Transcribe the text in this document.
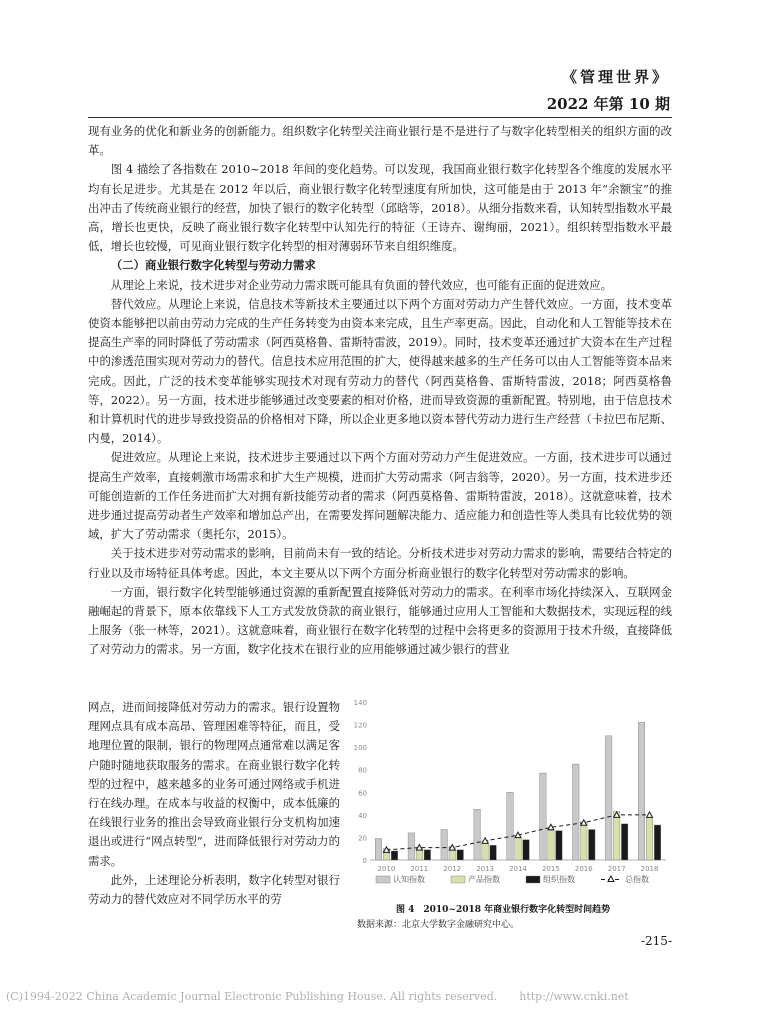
《管理世界》
2022 年第 10 期

现有业务的优化和新业务的创新能力。组织数字化转型关注商业银行是不是进行了与数字化转型相关的组织方面的改革。

图 4 描绘了各指数在 2010~2018 年间的变化趋势。可以发现，我国商业银行数字化转型各个维度的发展水平均有长足进步。尤其是在 2012 年以后，商业银行数字化转型速度有所加快，这可能是由于 2013 年“余额宝”的推出冲击了传统商业银行的经营，加快了银行的数字化转型（邱晗等，2018）。从细分指数来看，认知转型指数水平最高，增长也更快，反映了商业银行数字化转型中认知先行的特征（王诗卉、谢绚丽，2021）。组织转型指数水平最低，增长也较慢，可见商业银行数字化转型的相对薄弱环节来自组织维度。

（二）商业银行数字化转型与劳动力需求

从理论上来说，技术进步对企业劳动力需求既可能具有负面的替代效应，也可能有正面的促进效应。

替代效应。从理论上来说，信息技术等新技术主要通过以下两个方面对劳动力产生替代效应。一方面，技术变革使资本能够把以前由劳动力完成的生产任务转变为由资本来完成，且生产率更高。因此，自动化和人工智能等技术在提高生产率的同时降低了劳动需求（阿西莫格鲁、雷斯特雷波，2019）。同时，技术变革还通过扩大资本在生产过程中的渗透范围实现对劳动力的替代。信息技术应用范围的扩大，使得越来越多的生产任务可以由人工智能等资本品来完成。因此，广泛的技术变革能够实现技术对现有劳动力的替代（阿西莫格鲁、雷斯特雷波，2018；阿西莫格鲁等，2022）。另一方面，技术进步能够通过改变要素的相对价格，进而导致资源的重新配置。特别地，由于信息技术和计算机时代的进步导致投资品的价格相对下降，所以企业更多地以资本替代劳动力进行生产经营（卡拉巴布尼斯、内曼，2014）。

促进效应。从理论上来说，技术进步主要通过以下两个方面对劳动力产生促进效应。一方面，技术进步可以通过提高生产效率，直接刺激市场需求和扩大生产规模，进而扩大劳动需求（阿吉翁等，2020）。另一方面，技术进步还可能创造新的工作任务进而扩大对拥有新技能劳动者的需求（阿西莫格鲁、雷斯特雷波，2018）。这就意味着，技术进步通过提高劳动者生产效率和增加总产出，在需要发挥问题解决能力、适应能力和创造性等人类具有比较优势的领域，扩大了劳动需求（奥托尔，2015）。

关于技术进步对劳动需求的影响，目前尚未有一致的结论。分析技术进步对劳动力需求的影响，需要结合特定的行业以及市场特征具体考虑。因此，本文主要从以下两个方面分析商业银行的数字化转型对劳动需求的影响。

一方面，银行数字化转型能够通过资源的重新配置直接降低对劳动力的需求。在利率市场化持续深入、互联网金融崛起的背景下，原本依靠线下人工方式发放贷款的商业银行，能够通过应用人工智能和大数据技术，实现远程的线上服务（张一林等，2021）。这就意味着，商业银行在数字化转型的过程中会将更多的资源用于技术升级，直接降低了对劳动力的需求。另一方面，数字化技术在银行业的应用能够通过减少银行的营业

网点，进而间接降低对劳动力的需求。银行设置物理网点具有成本高昂、管理困难等特征，而且，受地理位置的限制，银行的物理网点通常难以满足客户随时随地获取服务的需求。在商业银行数字化转型的过程中，越来越多的业务可通过网络或手机进行在线办理。在成本与收益的权衡中，成本低廉的在线银行业务的推出会导致商业银行分支机构加速退出或进行“网点转型”，进而降低银行对劳动力的需求。

此外，上述理论分析表明，数字化转型对银行劳动力的替代效应对不同学历水平的劳

0
20
40
60
80
100
120
140
2010 2011 2012 2013 2014 2015 2016 2017 2018
认知指数	产品指数	组织指数	总指数
图 4　2010~2018 年商业银行数字化转型时间趋势
数据来源：北京大学数字金融研究中心。
-215-
(C)1994-2022 China Academic Journal Electronic Publishing House. All rights reserved.　　http://www.cnki.net
